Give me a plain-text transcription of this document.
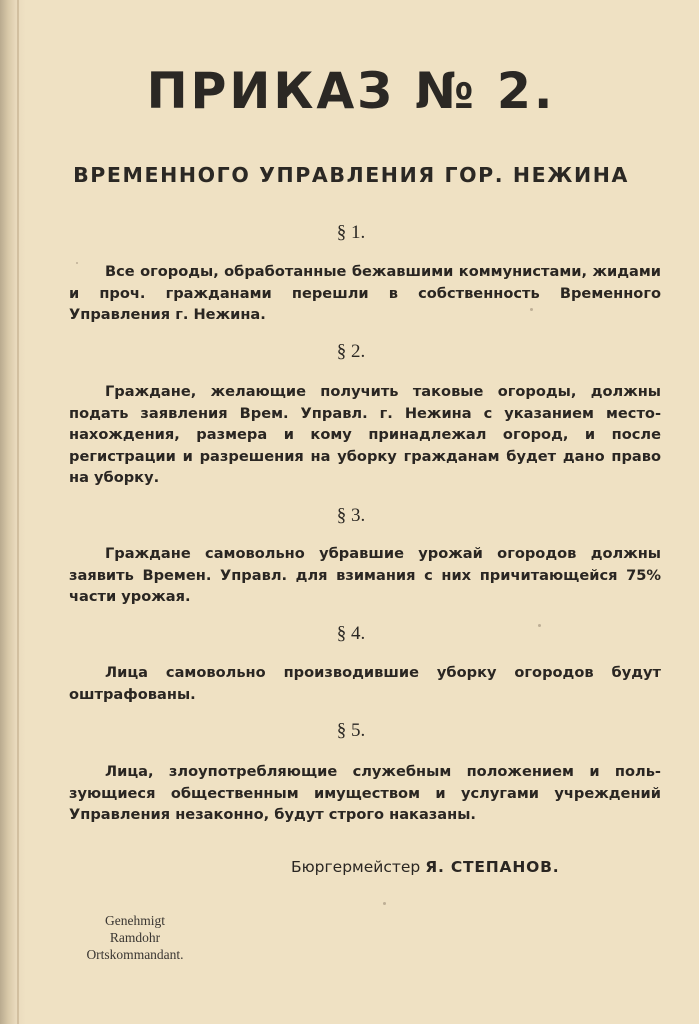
ПРИКАЗ № 2.
ВРЕМЕННОГО УПРАВЛЕНИЯ ГОР. НЕЖИНА
§ 1.
Все огороды, обработанные бежавшими коммунистами, жидами и проч. гражданами перешли в собственность Временного Управления г. Нежина.
§ 2.
Граждане, желающие получить таковые огороды, должны подать заявления Врем. Управл. г. Нежина с указанием место-нахождения, размера и кому принадлежал огород, и после регистрации и разрешения на уборку гражданам будет дано право на уборку.
§ 3.
Граждане самовольно убравшие урожай огородов должны заявить Времен. Управл. для взимания с них причитающейся 75% части урожая.
§ 4.
Лица самовольно производившие уборку огородов будут оштрафованы.
§ 5.
Лица, злоупотребляющие служебным положением и поль-зующиеся общественным имуществом и услугами учреждений Управления незаконно, будут строго наказаны.
Бюргермейстер Я. СТЕПАНОВ.
Genehmigt
Ramdohr
Ortskommandant.
